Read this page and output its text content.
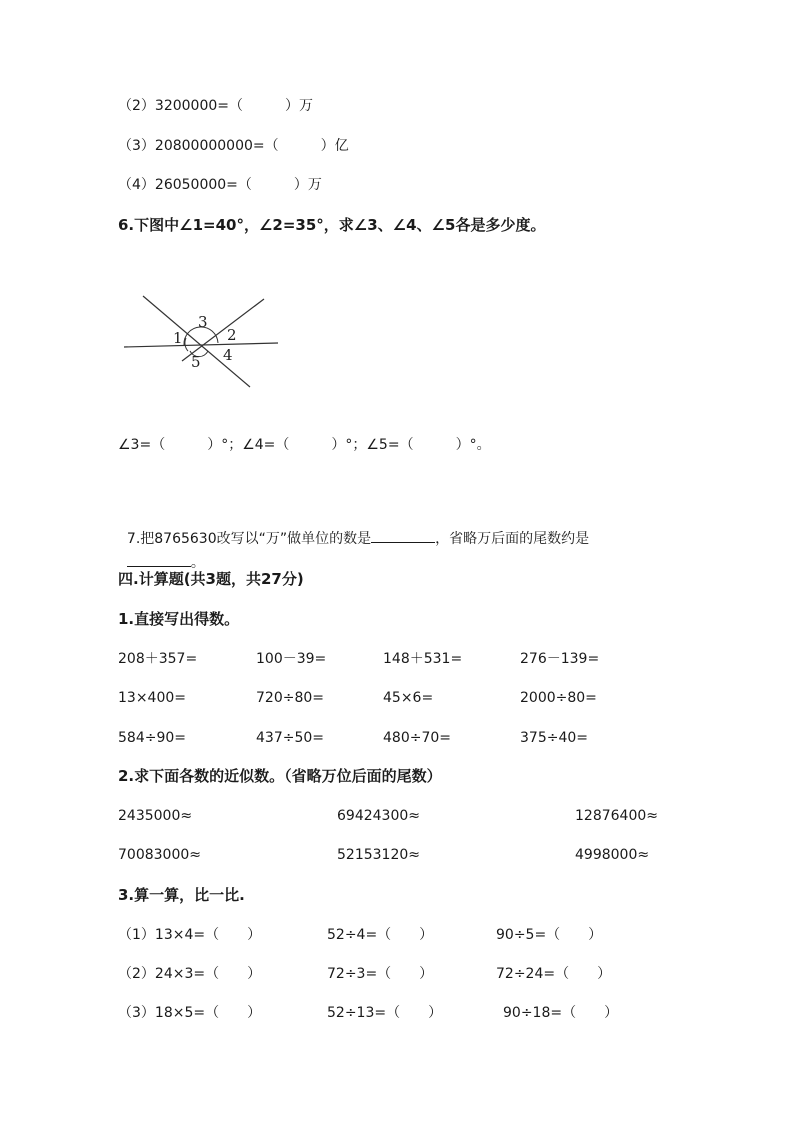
（2）3200000=（　　　）万
（3）20800000000=（　　　）亿
（4）26050000=（　　　）万
6.下图中∠1=40°，∠2=35°，求∠3、∠4、∠5各是多少度。
1	2
3
4
5
∠3=（　　　）°；∠4=（　　　）°；∠5=（　　　）°。

7.把8765630改写以“万”做单位的数是	，省略万后面的尾数约是

。

四.计算题(共3题，共27分)
1.直接写出得数。
208＋357=	100－39=	148＋531=	276－139=
13×400=	720÷80=	45×6=	2000÷80=
584÷90=	437÷50=	480÷70=	375÷40=
2.求下面各数的近似数。（省略万位后面的尾数）
2435000≈	69424300≈	12876400≈
70083000≈	52153120≈	4998000≈
3.算一算，比一比.
（1）13×4=（　　）	52÷4=（　　）	90÷5=（　　）
（2）24×3=（　　）	72÷3=（　　）	72÷24=（　　）
（3）18×5=（　　）	52÷13=（　　）	90÷18=（　　）
